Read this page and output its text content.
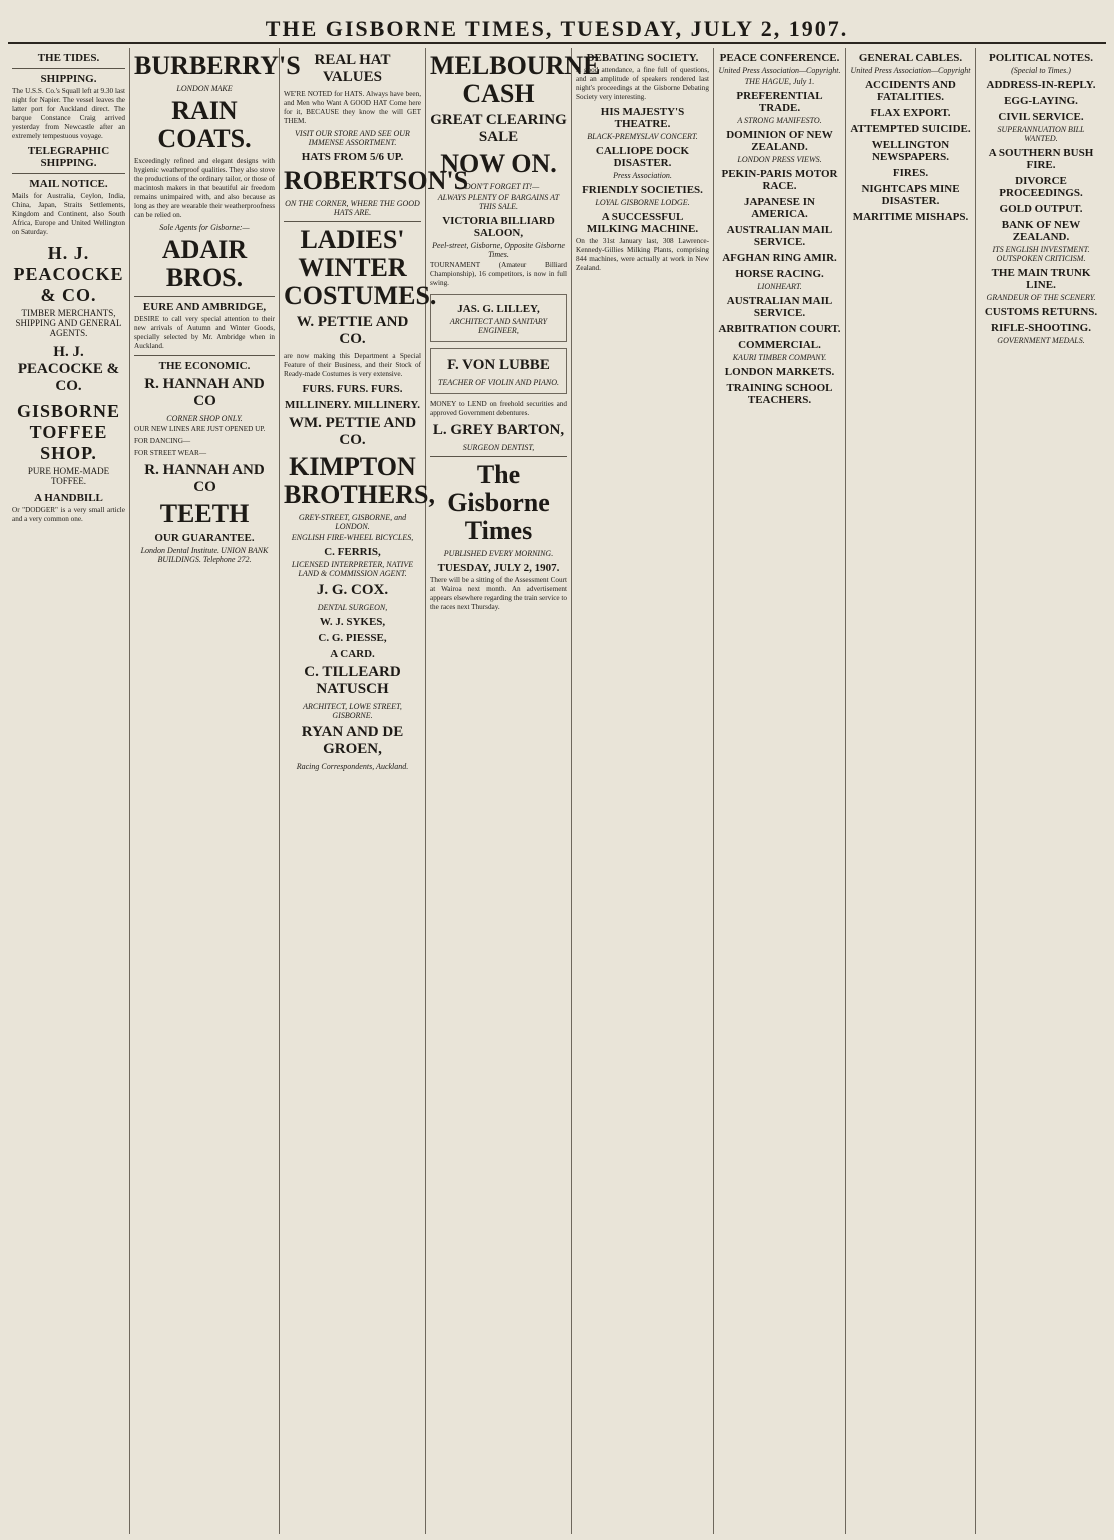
THE GISBORNE TIMES, TUESDAY, JULY 2, 1907.
THE TIDES.
SHIPPING.

The U.S.S. Co.'s Squall left at 9.30 last night for Napier. The vessel leaves the latter port for Auckland direct. The barque Constance Craig arrived yesterday from Newcastle after an extremely tempestuous voyage.

TELEGRAPHIC SHIPPING.
MAIL NOTICE.

Mails for Australia, Ceylon, India, China, Japan, Straits Settlements, Kingdom and Continent, also South Africa, Europe and United Wellington on Saturday.

H. J.
PEACOCKE
& CO.
TIMBER MERCHANTS, SHIPPING AND GENERAL AGENTS.
H. J. PEACOCKE & CO.
GISBORNE TOFFEE SHOP.
PURE HOME-MADE TOFFEE.
A HANDBILL

Or "DODGER" is a very small article and a very common one.

BURBERRY'S
LONDON MAKE
RAIN COATS.

Exceedingly refined and elegant designs with hygienic weatherproof qualities. They also stove the productions of the ordinary tailor, or those of macintosh makers in that beautiful air freedom remains unimpaired with, and also because as long as they are wearable their weatherproofness can be relied on.

Sole Agents for Gisborne:—
ADAIR BROS.
EURE AND AMBRIDGE,

DESIRE to call very special attention to their new arrivals of Autumn and Winter Goods, specially selected by Mr. Ambridge when in Auckland.

THE ECONOMIC.
R. HANNAH AND CO
CORNER SHOP ONLY.

OUR NEW LINES ARE JUST OPENED UP.

FOR DANCING—

FOR STREET WEAR—

R. HANNAH AND CO
TEETH
OUR GUARANTEE.
London Dental Institute. UNION BANK BUILDINGS. Telephone 272.
REAL HAT VALUES

WE'RE NOTED for HATS. Always have been, and Men who Want A GOOD HAT Come here for it, BECAUSE they know the will GET THEM.

VISIT OUR STORE AND SEE OUR IMMENSE ASSORTMENT.
HATS FROM 5/6 UP.
ROBERTSON'S
ON THE CORNER, WHERE THE GOOD HATS ARE.
LADIES' WINTER COSTUMES.
W. PETTIE AND CO.

are now making this Department a Special Feature of their Business, and their Stock of Ready-made Costumes is very extensive.

FURS. FURS. FURS.
MILLINERY. MILLINERY.
WM. PETTIE AND CO.
KIMPTON BROTHERS,
GREY-STREET, GISBORNE, and LONDON.
ENGLISH FIRE-WHEEL BICYCLES,
C. FERRIS,
LICENSED INTERPRETER, NATIVE LAND & COMMISSION AGENT.
J. G. COX.
DENTAL SURGEON,
W. J. SYKES,
C. G. PIESSE,
A CARD.
C. TILLEARD NATUSCH
ARCHITECT, LOWE STREET, GISBORNE.
RYAN AND DE GROEN,
Racing Correspondents, Auckland.
MELBOURNE CASH
GREAT CLEARING SALE
NOW ON.
—DON'T FORGET IT!—
ALWAYS PLENTY OF BARGAINS AT THIS SALE.
VICTORIA BILLIARD SALOON,
Peel-street, Gisborne, Opposite Gisborne Times.

TOURNAMENT (Amateur Billiard Championship), 16 competitors, is now in full swing.

JAS. G. LILLEY,
ARCHITECT AND SANITARY ENGINEER,
F. VON LUBBE
TEACHER OF VIOLIN AND PIANO.

MONEY to LEND on freehold securities and approved Government debentures.

L. GREY BARTON,
SURGEON DENTIST,
The Gisborne Times
PUBLISHED EVERY MORNING.
TUESDAY, JULY 2, 1907.

There will be a sitting of the Assessment Court at Wairoa next month. An advertisement appears elsewhere regarding the train service to the races next Thursday.

DEBATING SOCIETY.

A good attendance, a fine full of questions, and an amplitude of speakers rendered last night's proceedings at the Gisborne Debating Society very interesting.

HIS MAJESTY'S THEATRE.
BLACK-PREMYSLAV CONCERT.
CALLIOPE DOCK DISASTER.
Press Association.
FRIENDLY SOCIETIES.
LOYAL GISBORNE LODGE.
A SUCCESSFUL MILKING MACHINE.

On the 31st January last, 308 Lawrence-Kennedy-Gillies Milking Plants, comprising 844 machines, were actually at work in New Zealand.

PEACE CONFERENCE.
United Press Association—Copyright.
THE HAGUE, July 1.
PREFERENTIAL TRADE.
A STRONG MANIFESTO.
DOMINION OF NEW ZEALAND.
LONDON PRESS VIEWS.
PEKIN-PARIS MOTOR RACE.
JAPANESE IN AMERICA.
AUSTRALIAN MAIL SERVICE.
AFGHAN RING AMIR.
HORSE RACING.
LIONHEART.
AUSTRALIAN MAIL SERVICE.
ARBITRATION COURT.
COMMERCIAL.
KAURI TIMBER COMPANY.
LONDON MARKETS.
TRAINING SCHOOL TEACHERS.
GENERAL CABLES.
United Press Association—Copyright
ACCIDENTS AND FATALITIES.
FLAX EXPORT.
ATTEMPTED SUICIDE.
WELLINGTON NEWSPAPERS.
FIRES.
NIGHTCAPS MINE DISASTER.
MARITIME MISHAPS.
POLITICAL NOTES.
(Special to Times.)
ADDRESS-IN-REPLY.
EGG-LAYING.
CIVIL SERVICE.
SUPERANNUATION BILL WANTED.
A SOUTHERN BUSH FIRE.
DIVORCE PROCEEDINGS.
GOLD OUTPUT.
BANK OF NEW ZEALAND.
ITS ENGLISH INVESTMENT. OUTSPOKEN CRITICISM.
THE MAIN TRUNK LINE.
GRANDEUR OF THE SCENERY.
CUSTOMS RETURNS.
RIFLE-SHOOTING.
GOVERNMENT MEDALS.
